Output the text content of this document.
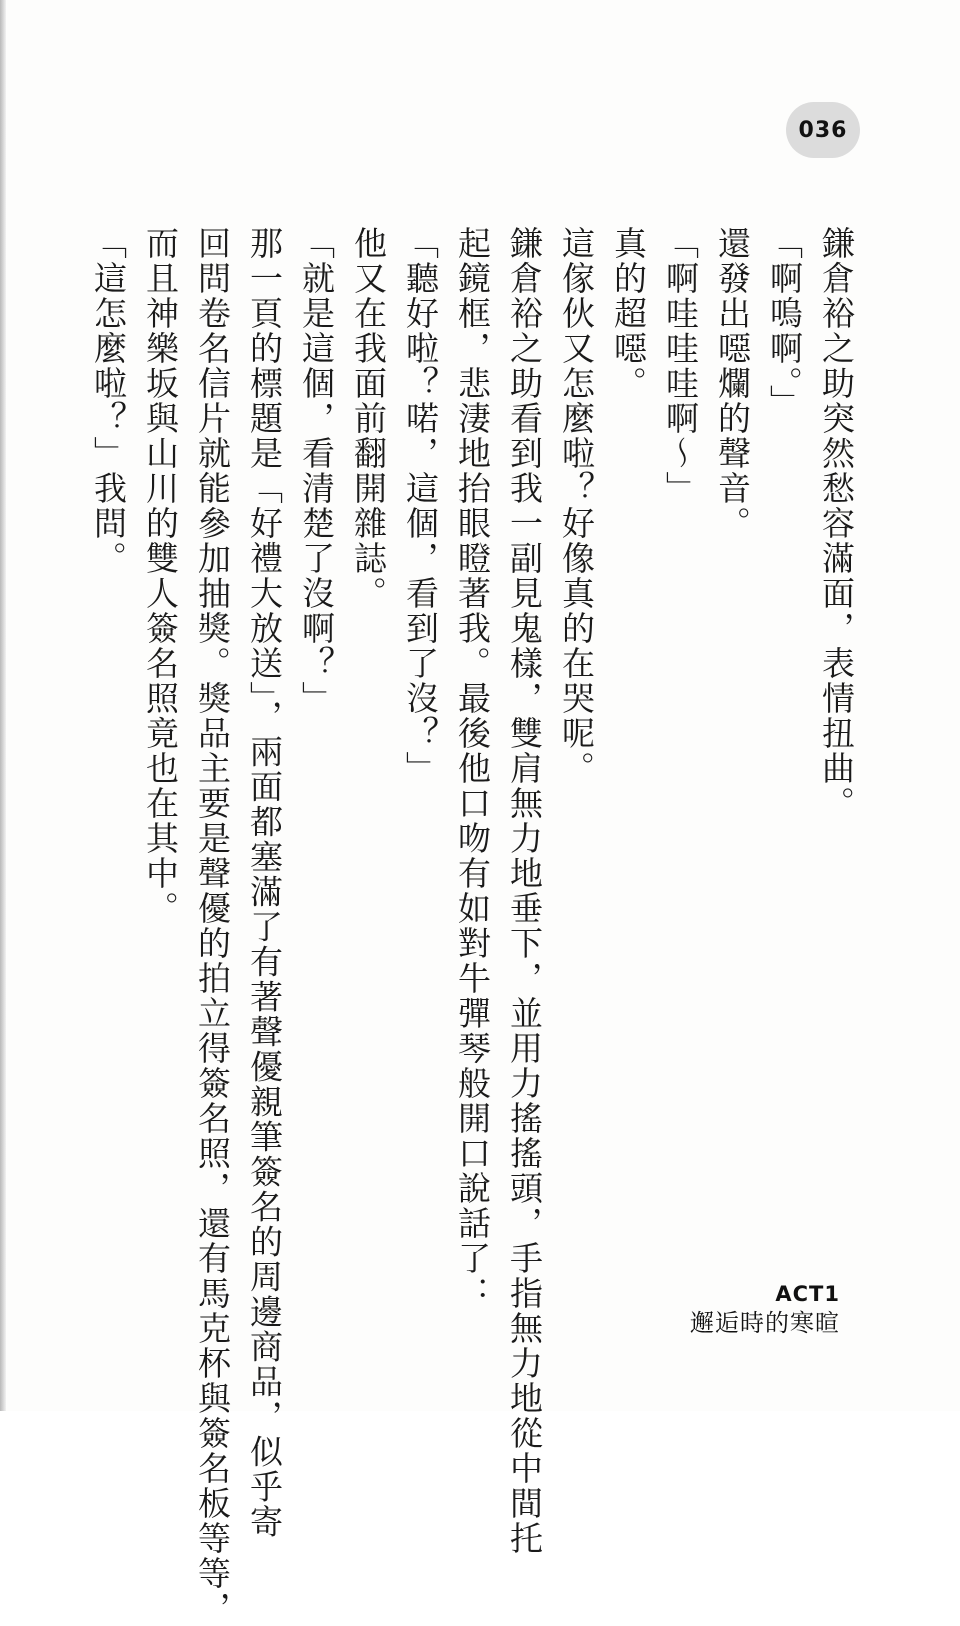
036

鎌倉裕之助突然愁容滿面，表情扭曲。

「啊嗚啊。」

還發出噁爛的聲音。

「啊哇哇哇啊～」

真的超噁。

這傢伙又怎麼啦？好像真的在哭呢。

鎌倉裕之助看到我一副見鬼樣，雙肩無力地垂下，並用力搖搖頭，手指無力地從中間托

起鏡框，悲淒地抬眼瞪著我。最後他口吻有如對牛彈琴般開口說話了：

「聽好啦？喏，這個，看到了沒？」

他又在我面前翻開雜誌。

「就是這個，看清楚了沒啊？」

那一頁的標題是「好禮大放送」，兩面都塞滿了有著聲優親筆簽名的周邊商品，似乎寄

回問卷名信片就能參加抽獎。獎品主要是聲優的拍立得簽名照，還有馬克杯與簽名板等等，

而且神樂坂與山川的雙人簽名照竟也在其中。

「這怎麼啦？」我問。

ACT1
邂逅時的寒暄
